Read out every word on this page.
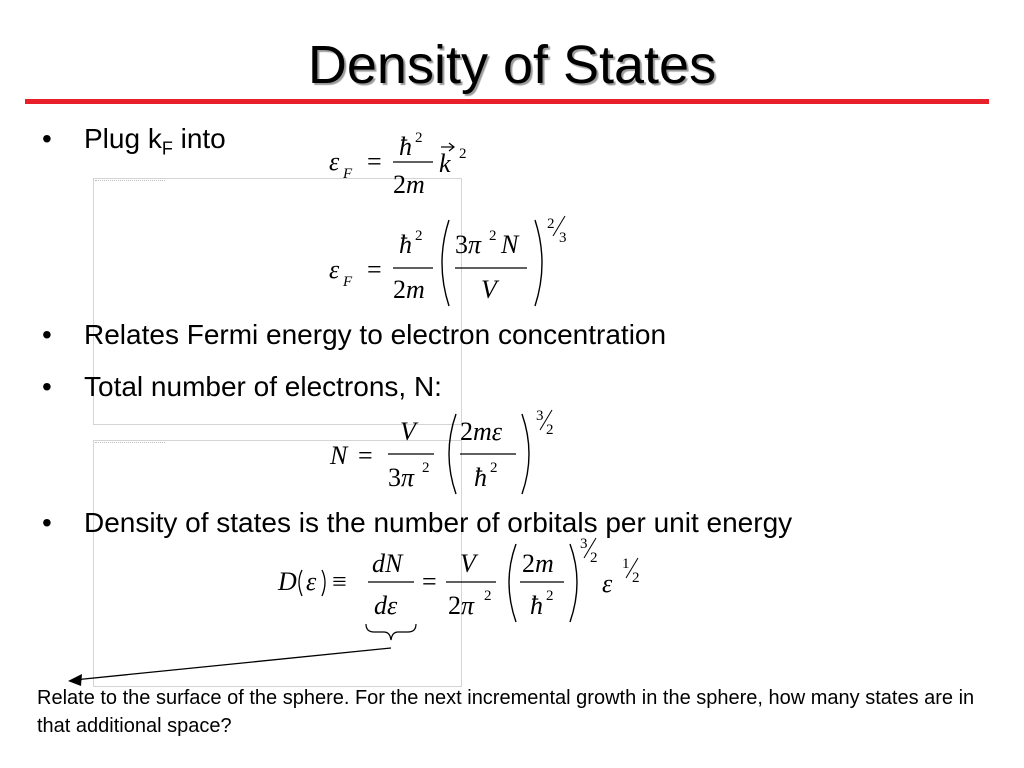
Density of States
• Plug $k_F$ into
ε F =
ħ 2
2m
k 2
ε F =
ħ 2
2m
3π 2 N
V
2
3
• Relates Fermi energy to electron concentration
• Total number of electrons, N:
N =
V
3π 2
2mε
ħ 2
3
2
• Density of states is the number of orbitals per unit energy
D ε ≡
dN
dε
=
V
2π 2
2m
ħ 2
3
2
ε
1
2
Relate to the surface of the sphere. For the next incremental growth in the sphere, how many states are in that additional space?
